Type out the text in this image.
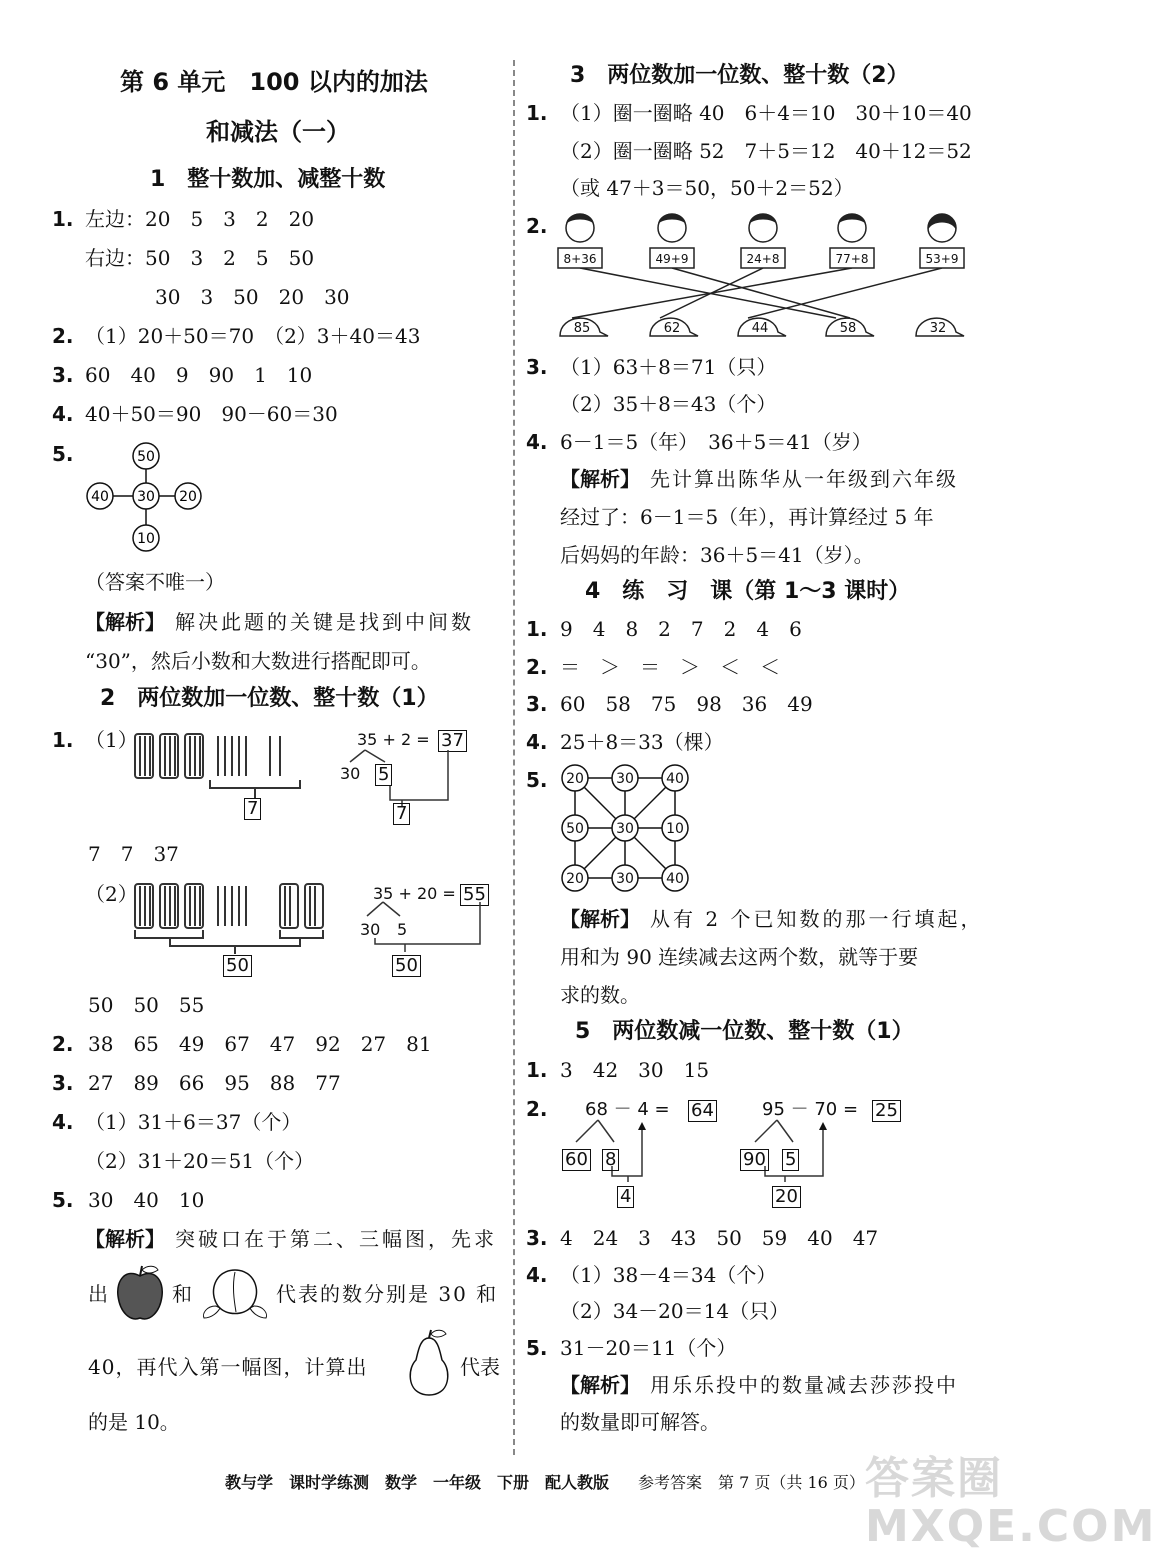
第 6 单元　100 以内的加法
和减法（一）
1　整十数加、减整十数
1. 左边：20　5　3　2　20
右边：50　3　2　5　50
30　3　50　20　30
2. （1）20＋50＝70　（2）3＋40＝43
3. 60　40　9　90　1　10
4. 40＋50＝90　90－60＝30
5.	50
40 30 20
10
（答案不唯一）
【解析】 解决此题的关键是找到中间数
“30”，然后小数和大数进行搭配即可。
2　两位数加一位数、整十数（1）
1. （1）
7
35 + 2 = 37
30 5
7
7　7　37
（2）
50
35 + 20 = 55
30 5
50
50　50　55
2. 38　65　49　67　47　92　27　81
3. 27　89　66　95　88　77
4. （1）31＋6＝37（个）
（2）31＋20＝51（个）
5. 30　40　10
【解析】 突破口在于第二、三幅图，先求
出	和	代表的数分别是 30 和
40，再代入第一幅图，计算出	代表
的是 10。
3　两位数加一位数、整十数（2）
1. （1）圈一圈略 40　6＋4＝10　30＋10＝40
（2）圈一圈略 52　7＋5＝12　40＋12＝52
（或 47＋3＝50，50＋2＝52）
2.
8+36	49+9	24+8	77+8	53+9
85	62	44	58	32
3. （1）63＋8＝71（只）
（2）35＋8＝43（个）
4. 6－1＝5（年）　36＋5＝41（岁）
【解析】 先计算出陈华从一年级到六年级
经过了：6－1＝5（年），再计算经过 5 年
后妈妈的年龄：36＋5＝41（岁）。
4　练　习　课（第 1～3 课时）
1. 9　4　8　2　7　2　4　6
2. ＝　＞　＝　＞　＜　＜
3. 60　58　75　98　36　49
4. 25＋8＝33（棵）
5. 20 30 40
50 30 10
20 30 40
【解析】 从有 2 个已知数的那一行填起，
用和为 90 连续减去这两个数，就等于要
求的数。
5　两位数减一位数、整十数（1）
1. 3　42　30　15
2. 68 － 4 = 64
60 8
4
95 － 70 = 25
90 5
20
3. 4　24　3　43　50　59　40　47
4. （1）38－4＝34（个）
（2）34－20＝14（只）
5. 31－20＝11（个）
【解析】 用乐乐投中的数量减去莎莎投中
的数量即可解答。
教与学　课时学练测　数学　一年级　下册　配人教版 参考答案　第 7 页（共 16 页） 答案圈 MXQE.COM
